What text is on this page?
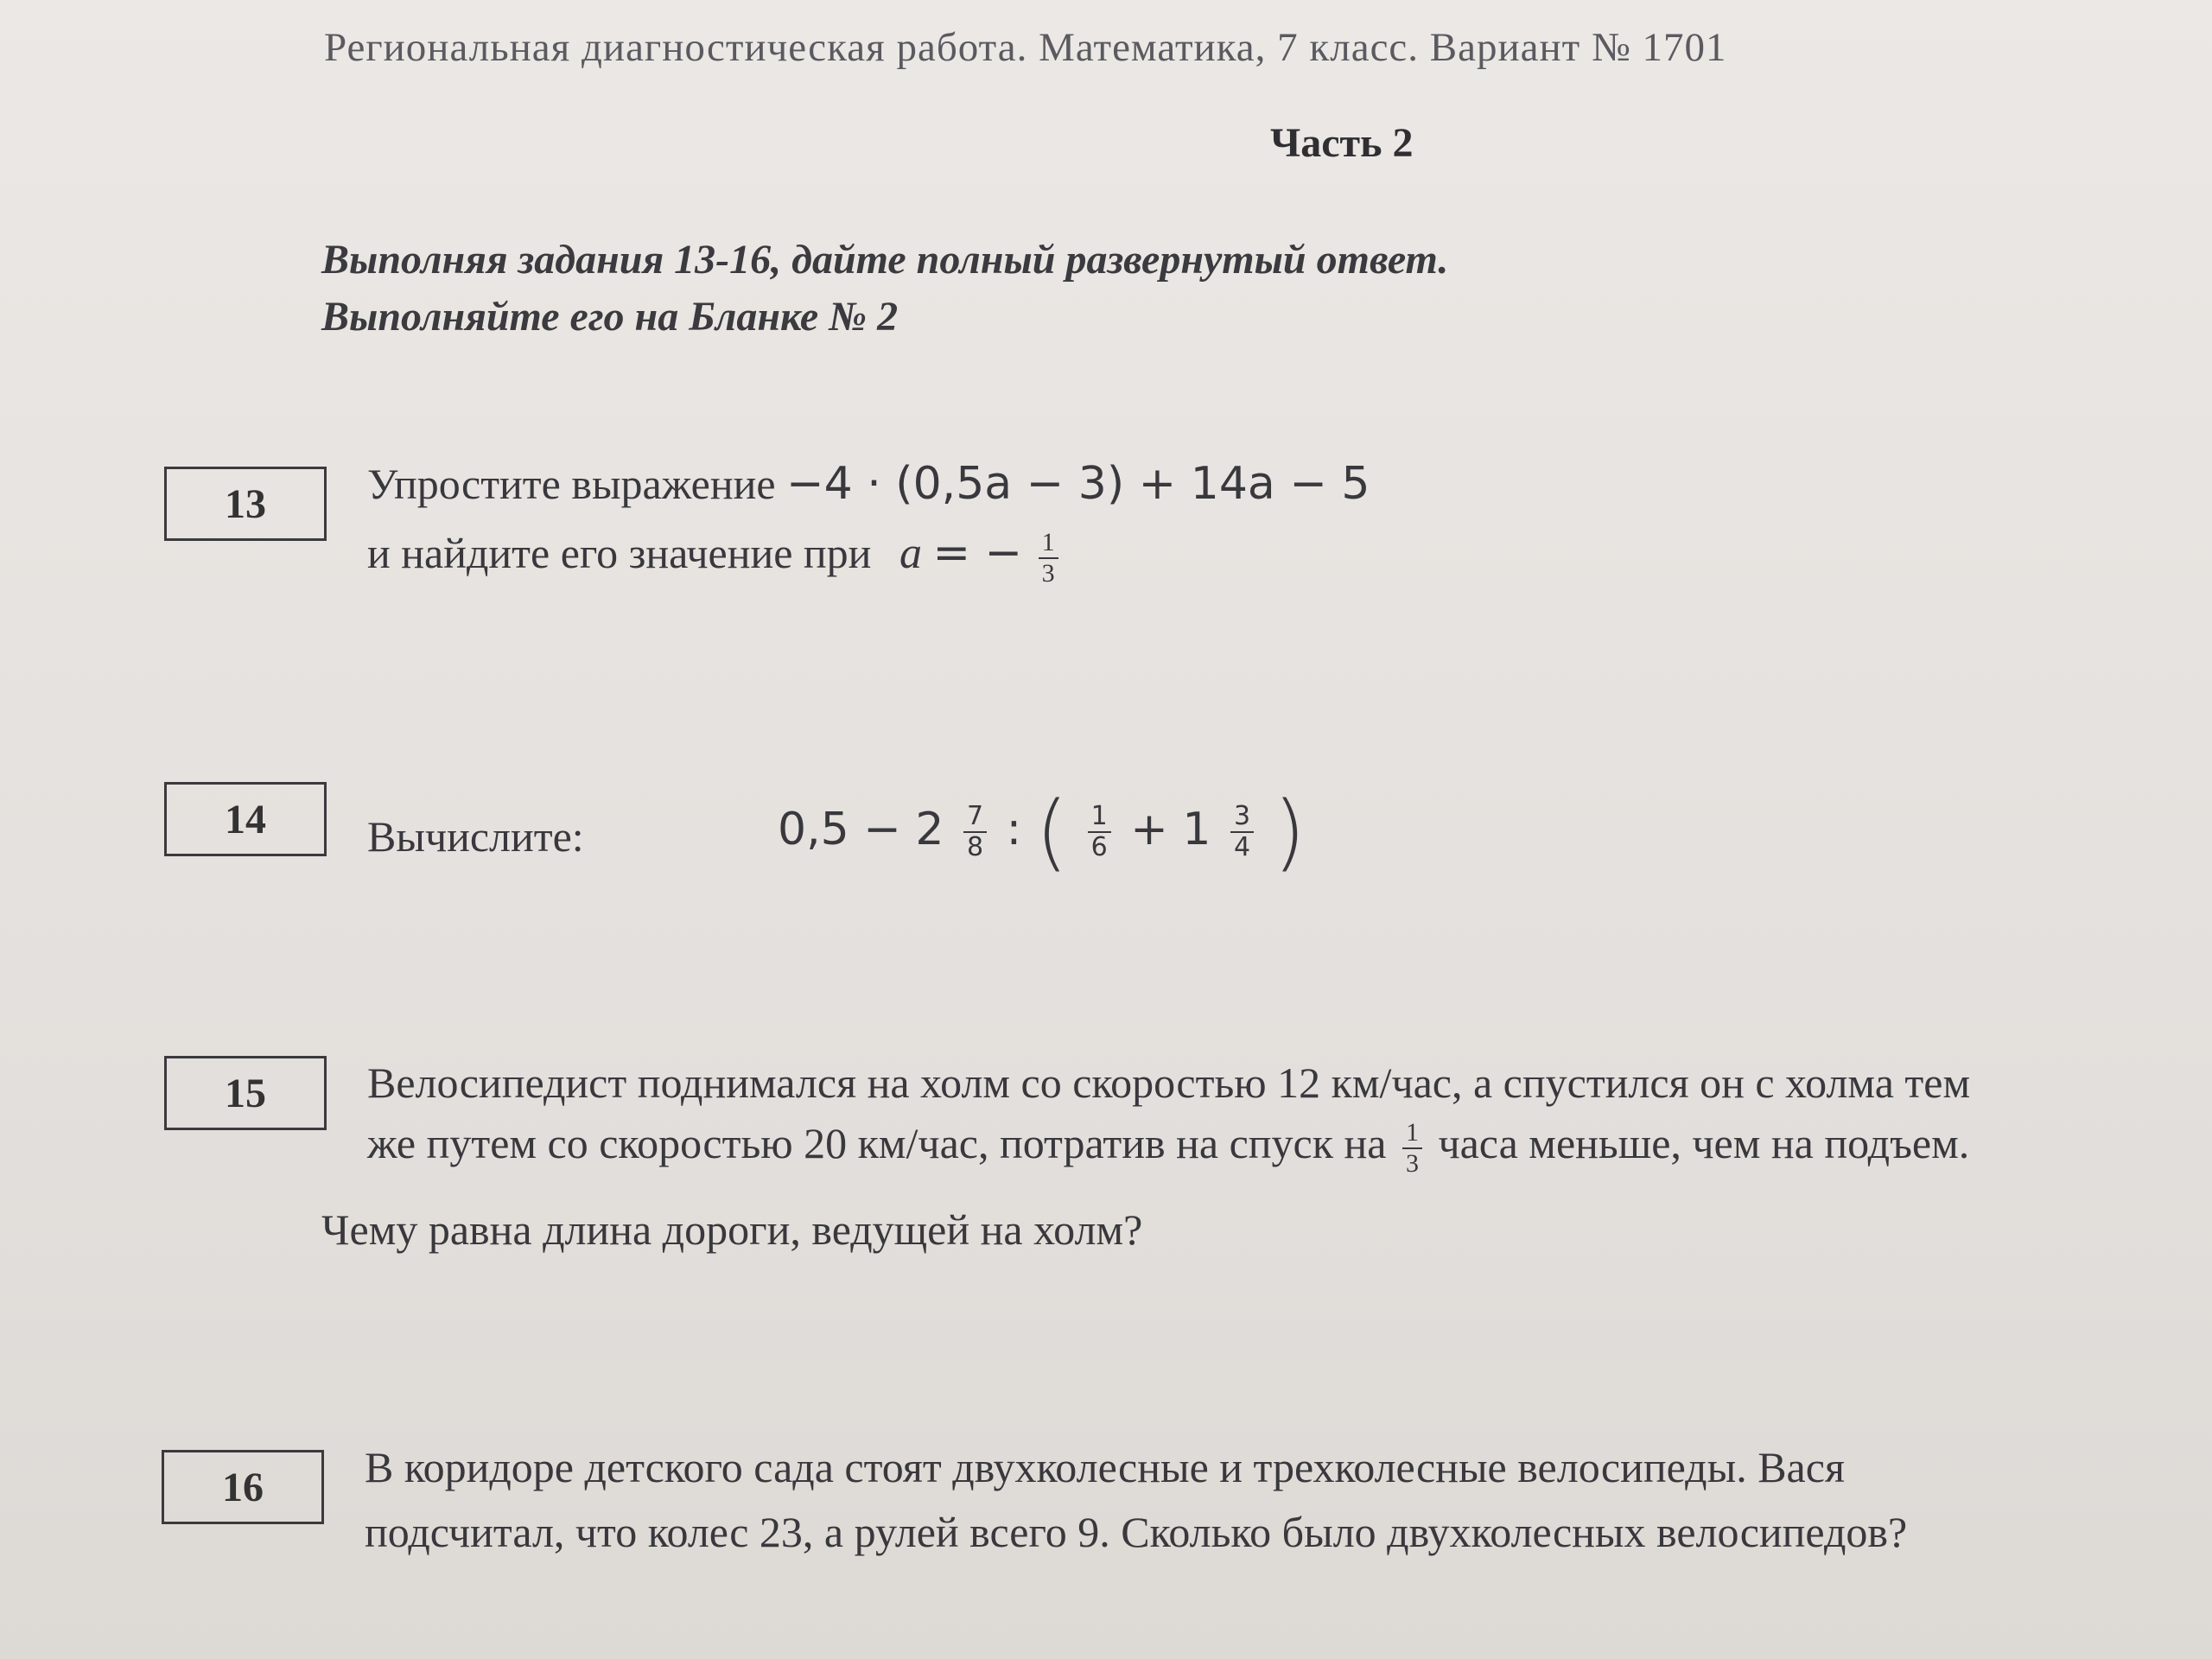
Региональная диагностическая работа. Математика, 7 класс. Вариант № 1701
Часть 2
Выполняя задания 13-16, дайте полный развернутый ответ.
Выполняйте его на Бланке № 2
13	Упростите выражение −4 · (0,5a − 3) + 14a − 5
и найдите его значение при a = − $\frac{1}{3}$
14	Вычислите:	$0,5 - 2 \frac{7}{8}$ : ( $\frac{1}{6} + 1 \frac{3}{4}$ )
15	Велосипедист поднимался на холм со скоростью 12 км/час, а спустился он с холма тем
же путем со скоростью 20 км/час, потратив на спуск на $\frac{1}{3}$ часа меньше, чем на подъем.
Чему равна длина дороги, ведущей на холм?
16	В коридоре детского сада стоят двухколесные и трехколесные велосипеды. Вася
подсчитал, что колес 23, а рулей всего 9. Сколько было двухколесных велосипедов?
